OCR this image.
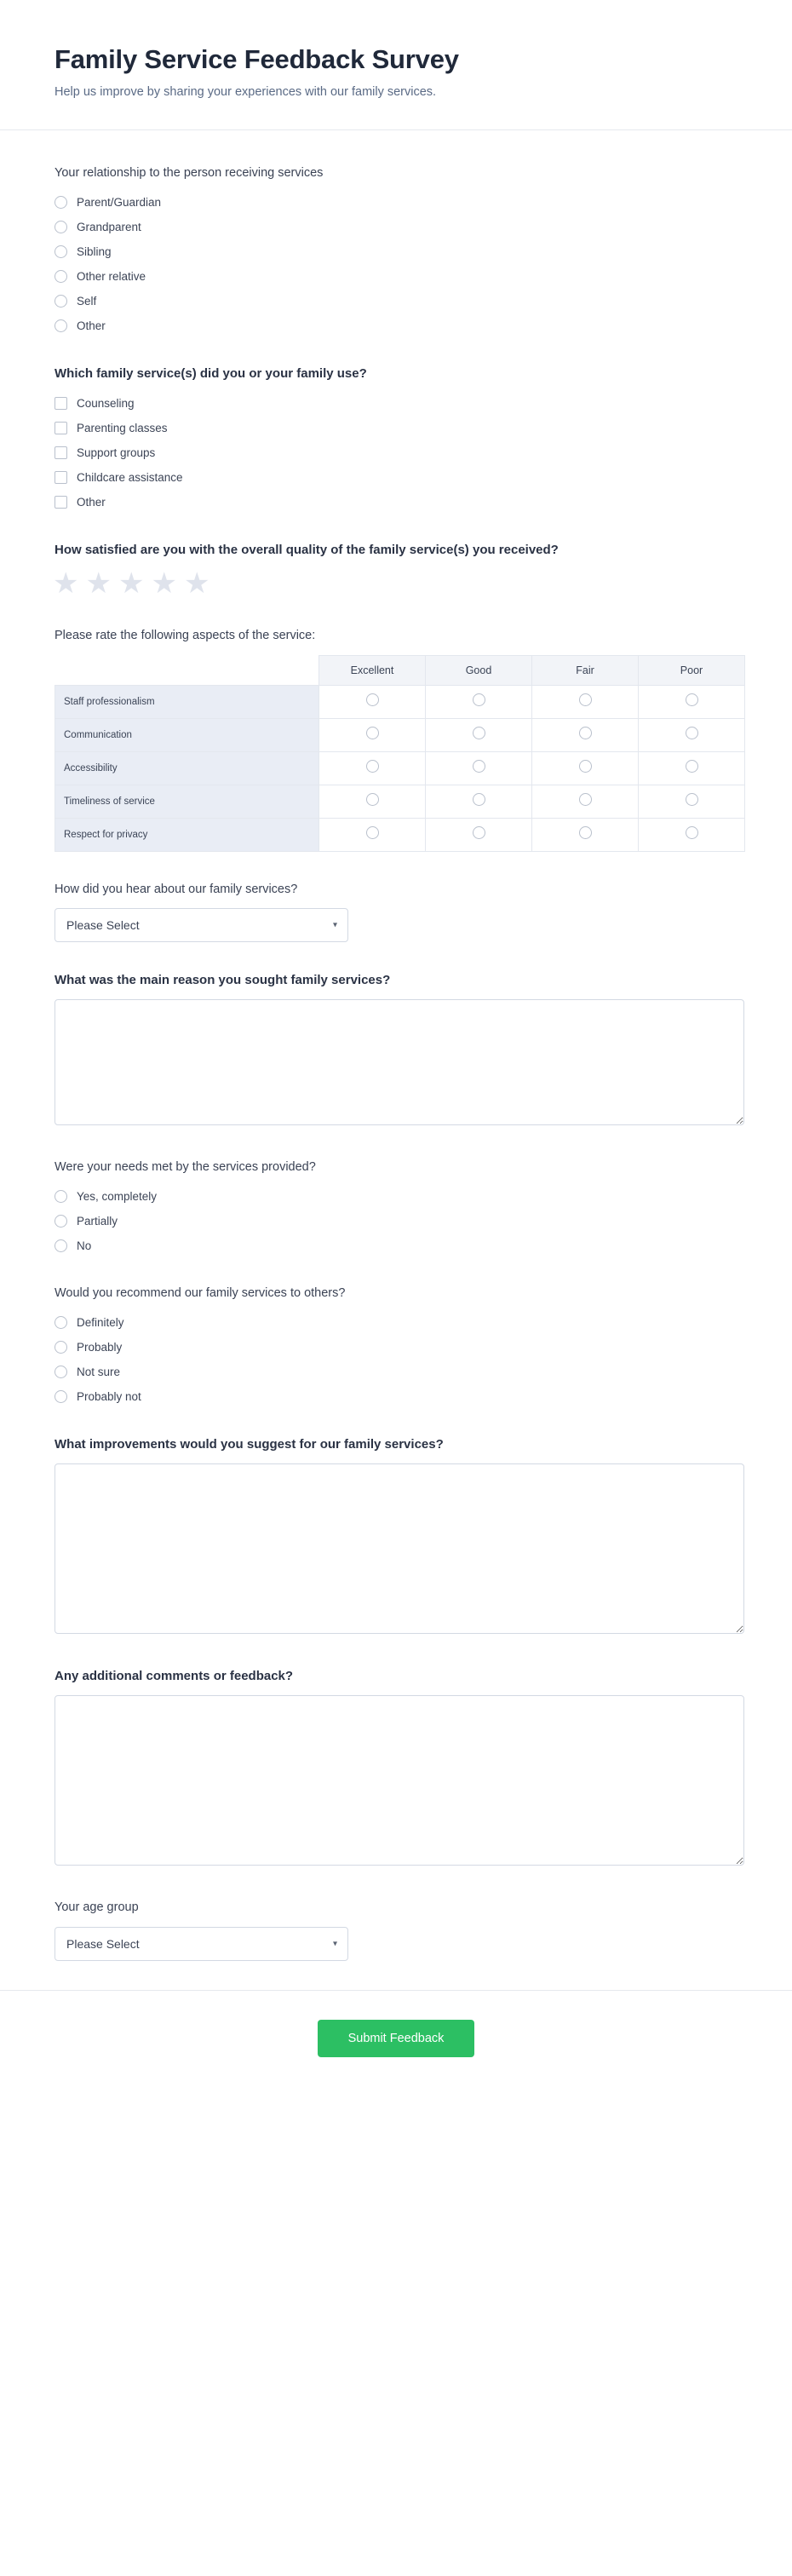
Family Service Feedback Survey

Help us improve by sharing your experiences with our family services.

Your relationship to the person receiving services
Parent/Guardian
Grandparent
Sibling
Other relative
Self
Other
Which family service(s) did you or your family use?
Counseling
Parenting classes
Support groups
Childcare assistance
Other
How satisfied are you with the overall quality of the family service(s) you received?
★ ★ ★ ★ ★
Please rate the following aspects of the service:
	Excellent	Good	Fair	Poor
Staff professionalism				
Communication				
Accessibility				
Timeliness of service				
Respect for privacy				
How did you hear about our family services?
Please Select
▾
What was the main reason you sought family services?
Were your needs met by the services provided?
Yes, completely
Partially
No
Would you recommend our family services to others?
Definitely
Probably
Not sure
Probably not
What improvements would you suggest for our family services?
Any additional comments or feedback?
Your age group
Please Select
▾
Submit Feedback
